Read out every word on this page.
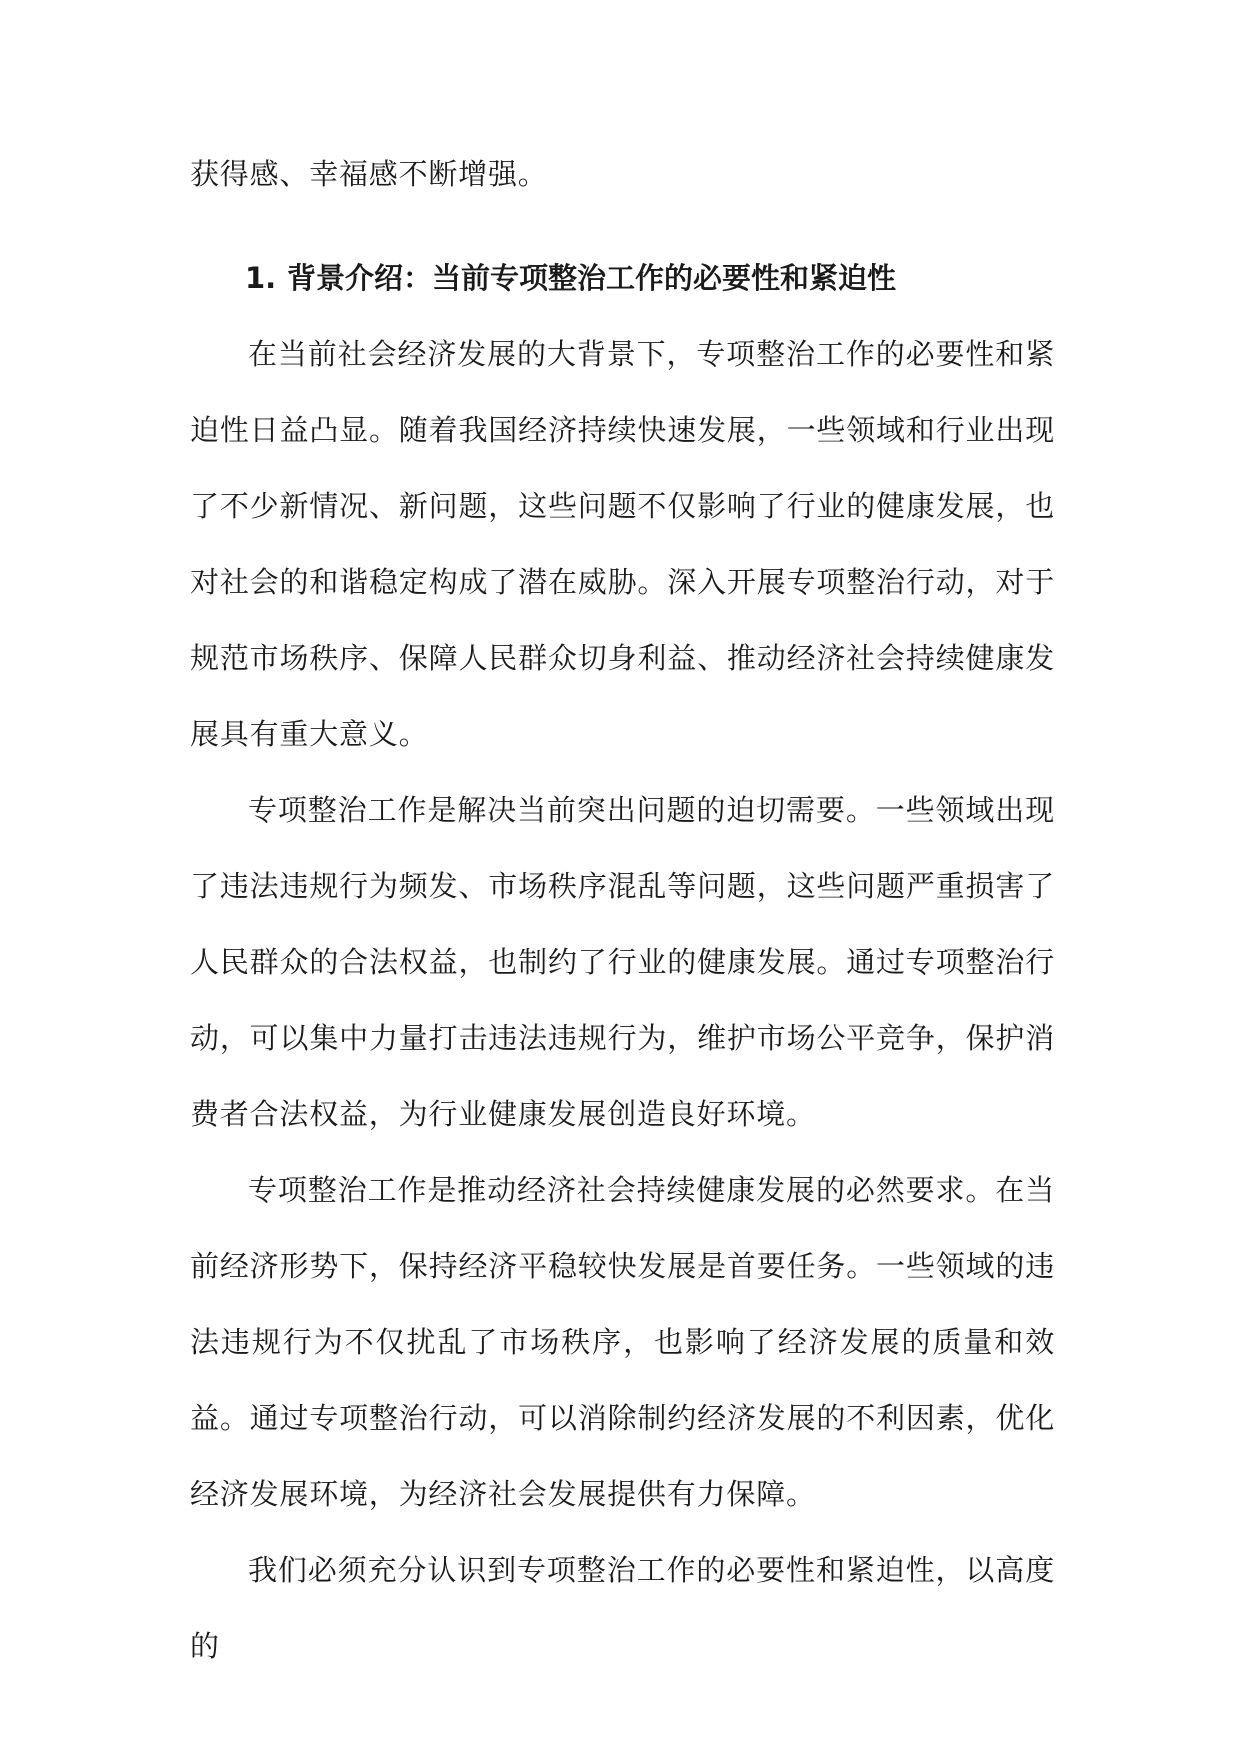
获得感、幸福感不断增强。

1. 背景介绍：当前专项整治工作的必要性和紧迫性

在当前社会经济发展的大背景下，专项整治工作的必要性和紧迫性日益凸显。随着我国经济持续快速发展，一些领域和行业出现了不少新情况、新问题，这些问题不仅影响了行业的健康发展，也对社会的和谐稳定构成了潜在威胁。深入开展专项整治行动，对于规范市场秩序、保障人民群众切身利益、推动经济社会持续健康发展具有重大意义。

专项整治工作是解决当前突出问题的迫切需要。一些领域出现了违法违规行为频发、市场秩序混乱等问题，这些问题严重损害了人民群众的合法权益，也制约了行业的健康发展。通过专项整治行动，可以集中力量打击违法违规行为，维护市场公平竞争，保护消费者合法权益，为行业健康发展创造良好环境。

专项整治工作是推动经济社会持续健康发展的必然要求。在当前经济形势下，保持经济平稳较快发展是首要任务。一些领域的违法违规行为不仅扰乱了市场秩序，也影响了经济发展的质量和效益。通过专项整治行动，可以消除制约经济发展的不利因素，优化经济发展环境，为经济社会发展提供有力保障。

我们必须充分认识到专项整治工作的必要性和紧迫性，以高度的
